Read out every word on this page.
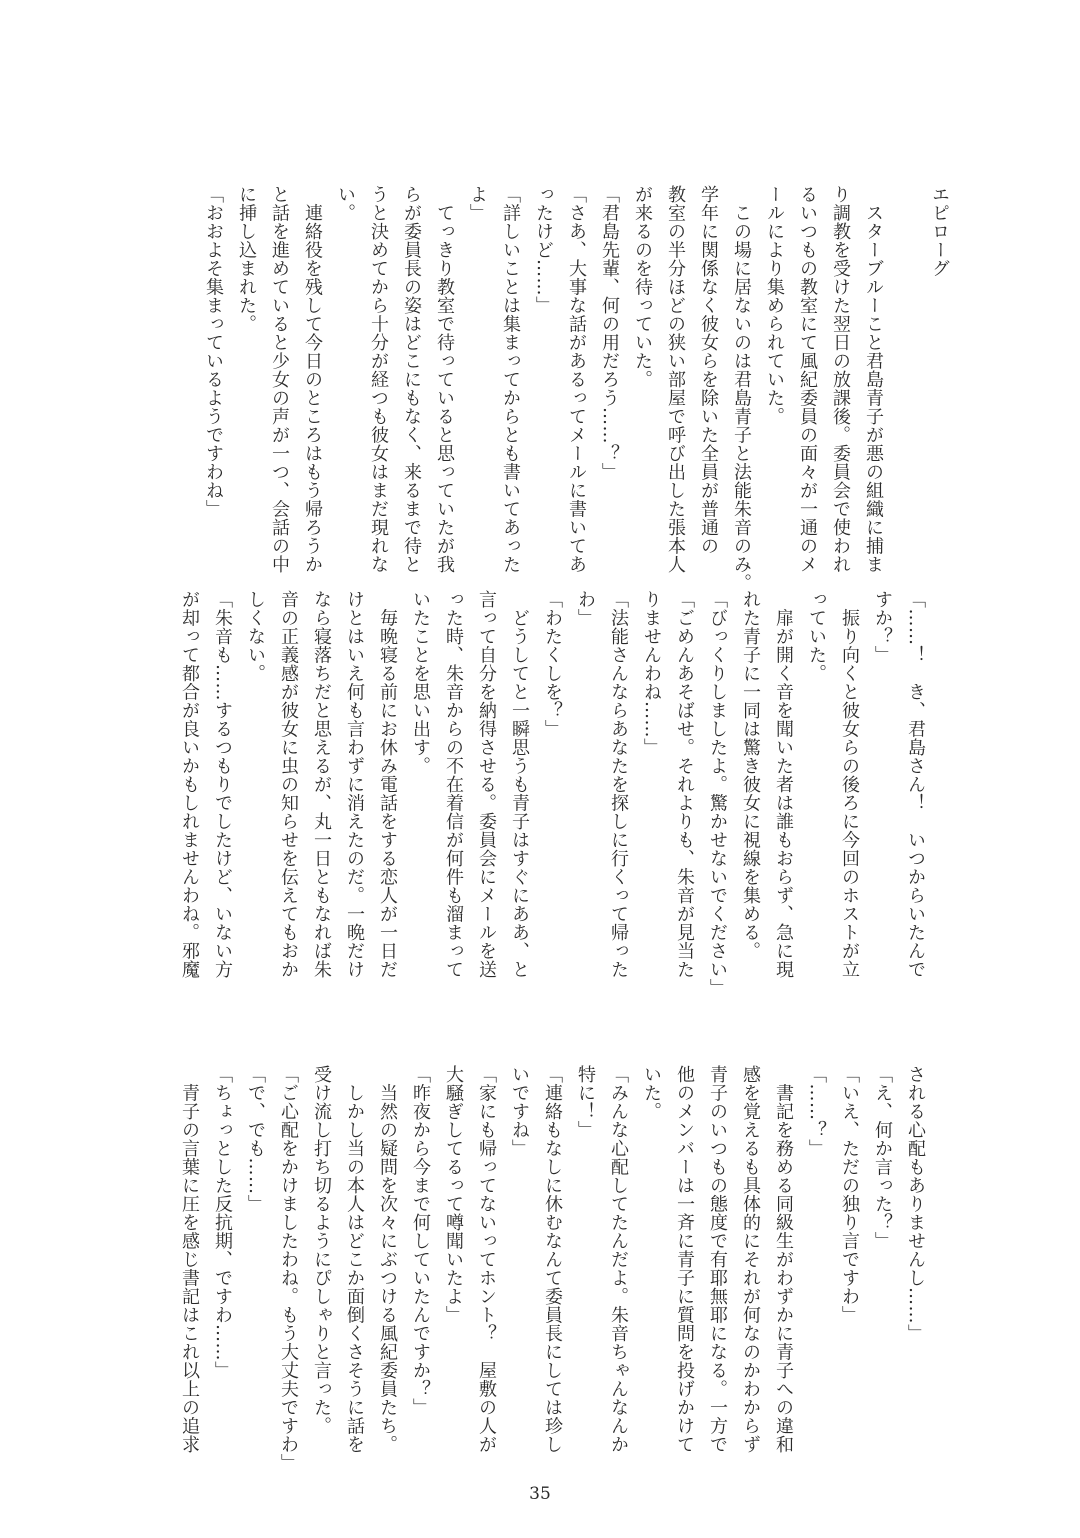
エピローグ

　スターブルーこと君島青子が悪の組織に捕ま
り調教を受けた翌日の放課後。委員会で使われ
るいつもの教室にて風紀委員の面々が一通のメ
ールにより集められていた。
　この場に居ないのは君島青子と法能朱音のみ。
学年に関係なく彼女らを除いた全員が普通の
教室の半分ほどの狭い部屋で呼び出した張本人
が来るのを待っていた。
「君島先輩、何の用だろう……？」
「さあ、大事な話があるってメールに書いてあ
ったけど……」
「詳しいことは集まってからとも書いてあった
よ」
　てっきり教室で待っていると思っていたが我
らが委員長の姿はどこにもなく、来るまで待と
うと決めてから十分が経つも彼女はまだ現れな
い。
　連絡役を残して今日のところはもう帰ろうか
と話を進めていると少女の声が一つ、会話の中
に挿し込まれた。
「おおよそ集まっているようですわね」
「……！　き、君島さん！　いつからいたんで
すか？」
　振り向くと彼女らの後ろに今回のホストが立
っていた。
　扉が開く音を聞いた者は誰もおらず、急に現
れた青子に一同は驚き彼女に視線を集める。
「びっくりしましたよ。驚かせないでください」
「ごめんあそばせ。それよりも、朱音が見当た
りませんわね……」
「法能さんならあなたを探しに行くって帰った
わ」
「わたくしを？」
　どうしてと一瞬思うも青子はすぐにああ、と
言って自分を納得させる。委員会にメールを送
った時、朱音からの不在着信が何件も溜まって
いたことを思い出す。
　毎晩寝る前にお休み電話をする恋人が一日だ
けとはいえ何も言わずに消えたのだ。一晩だけ
なら寝落ちだと思えるが、丸一日ともなれば朱
音の正義感が彼女に虫の知らせを伝えてもおか
しくない。
「朱音も……するつもりでしたけど、いない方
が却って都合が良いかもしれませんわね。邪魔
される心配もありませんし……」
「え、何か言った？」
「いえ、ただの独り言ですわ」
「……？」
　書記を務める同級生がわずかに青子への違和
感を覚えるも具体的にそれが何なのかわからず
青子のいつもの態度で有耶無耶になる。一方で
他のメンバーは一斉に青子に質問を投げかけて
いた。
「みんな心配してたんだよ。朱音ちゃんなんか
特に！」
「連絡もなしに休むなんて委員長にしては珍し
いですね」
「家にも帰ってないってホント？　屋敷の人が
大騒ぎしてるって噂聞いたよ」
「昨夜から今まで何していたんですか？」
　当然の疑問を次々にぶつける風紀委員たち。
　しかし当の本人はどこか面倒くさそうに話を
受け流し打ち切るようにぴしゃりと言った。
「ご心配をかけましたわね。もう大丈夫ですわ」
「で、でも……」
「ちょっとした反抗期、ですわ……」
　青子の言葉に圧を感じ書記はこれ以上の追求
35
